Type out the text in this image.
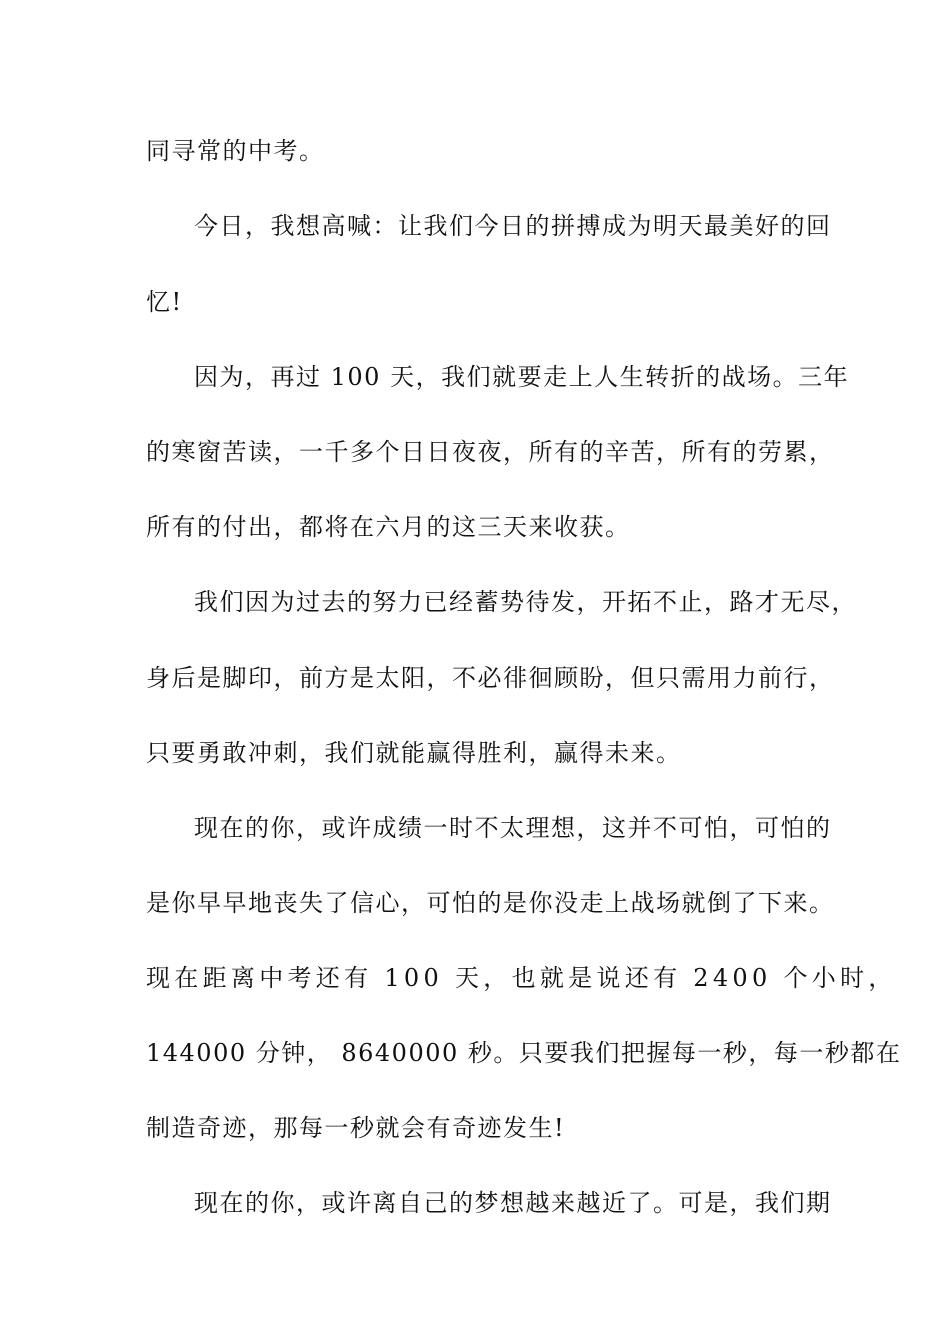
同寻常的中考。
今日，我想高喊：让我们今日的拼搏成为明天最美好的回
忆!
因为，再过 100 天，我们就要走上人生转折的战场。三年
的寒窗苦读，一千多个日日夜夜，所有的辛苦，所有的劳累，
所有的付出，都将在六月的这三天来收获。
我们因为过去的努力已经蓄势待发，开拓不止，路才无尽，
身后是脚印，前方是太阳，不必徘徊顾盼，但只需用力前行，
只要勇敢冲刺，我们就能赢得胜利，赢得未来。
现在的你，或许成绩一时不太理想，这并不可怕，可怕的
是你早早地丧失了信心，可怕的是你没走上战场就倒了下来。
现在距离中考还有 100 天，也就是说还有 2400 个小时，
144000 分钟， 8640000 秒。只要我们把握每一秒，每一秒都在
制造奇迹，那每一秒就会有奇迹发生!
现在的你，或许离自己的梦想越来越近了。可是，我们期
